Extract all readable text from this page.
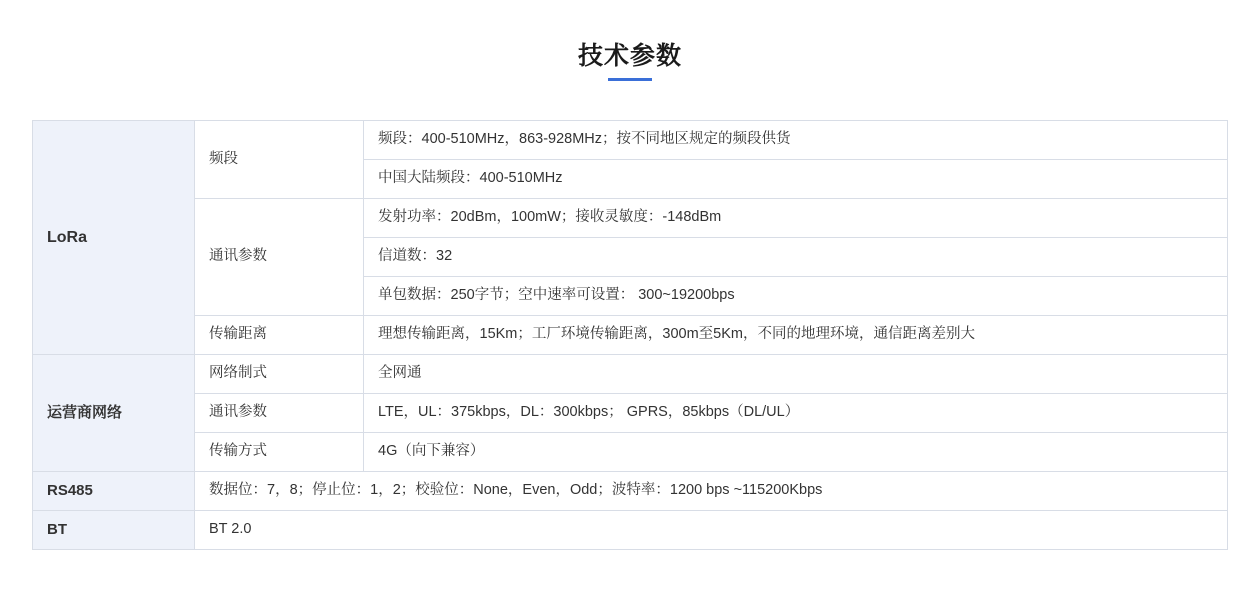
技术参数
LoRa	频段	频段：400-510MHz，863-928MHz；按不同地区规定的频段供货
		中国大陆频段：400-510MHz
	通讯参数	发射功率：20dBm，100mW；接收灵敏度：-148dBm
		信道数：32
		单包数据：250字节；空中速率可设置： 300~19200bps
	传输距离	理想传输距离，15Km；工厂环境传输距离，300m至5Km，不同的地理环境，通信距离差别大
运营商网络	网络制式	全网通
	通讯参数	LTE，UL：375kbps，DL：300kbps； GPRS，85kbps（DL/UL）
	传输方式	4G（向下兼容）
RS485	数据位：7，8；停止位：1，2；校验位：None，Even，Odd；波特率：1200 bps ~115200Kbps	
BT	BT 2.0	
